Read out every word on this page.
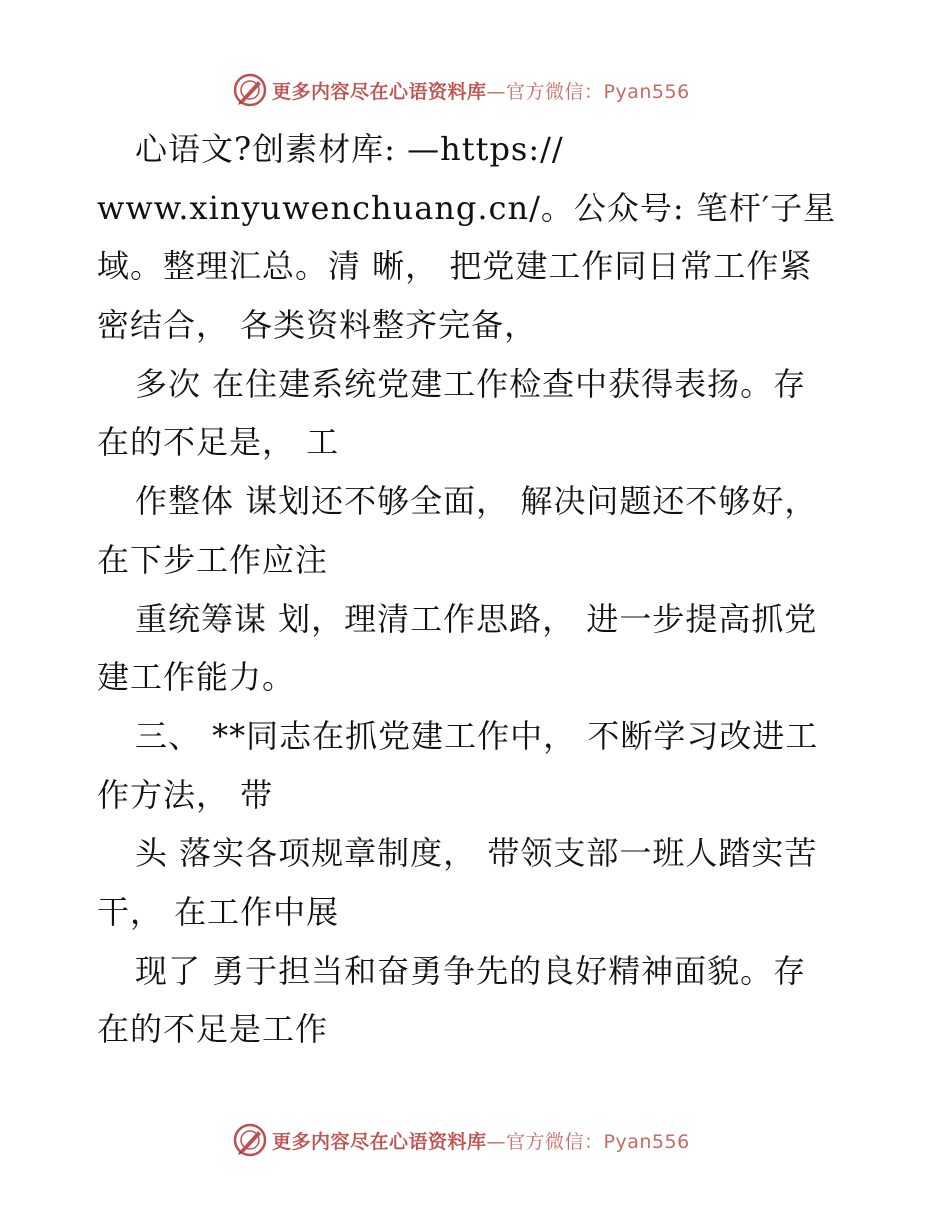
更多内容尽在心语资料库—官方微信：Pyan556
心语文?创素材库: —https://
www.xinyuwenchuang.cn/。公众号: 笔杆′子星
域。整理汇总。清 晰， 把党建工作同日常工作紧
密结合， 各类资料整齐完备，
多次 在住建系统党建工作检查中获得表扬。存
在的不足是， 工
作整体 谋划还不够全面， 解决问题还不够好，
在下步工作应注
重统筹谋 划，理清工作思路， 进一步提高抓党
建工作能力。
三、 **同志在抓党建工作中， 不断学习改进工
作方法， 带
头 落实各项规章制度， 带领支部一班人踏实苦
干， 在工作中展
现了 勇于担当和奋勇争先的良好精神面貌。存
在的不足是工作
更多内容尽在心语资料库—官方微信：Pyan556
